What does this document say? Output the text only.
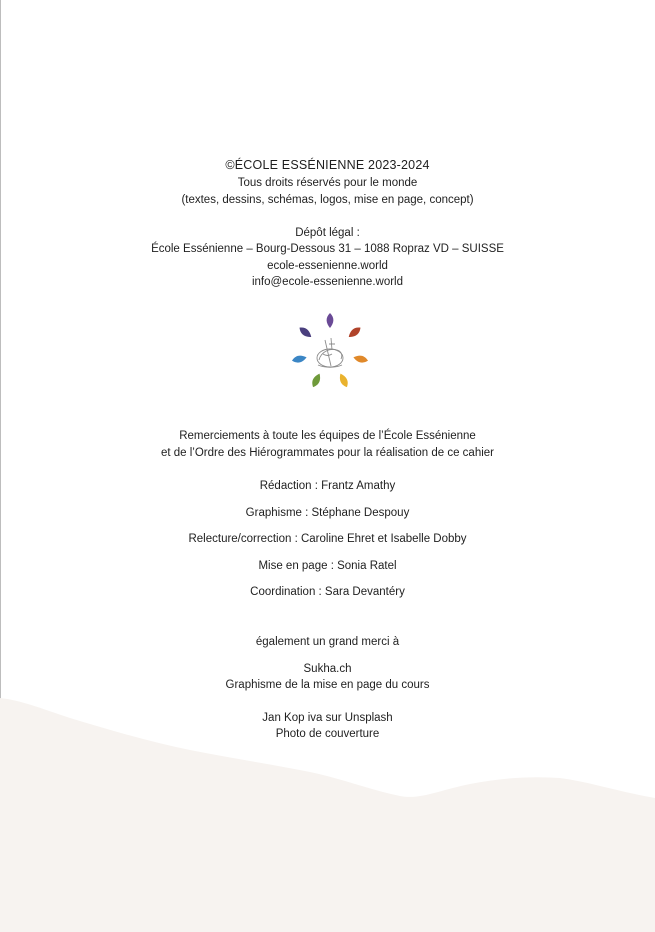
©ÉCOLE ESSÉNIENNE 2023-2024
Tous droits réservés pour le monde
(textes, dessins, schémas, logos, mise en page, concept)
Dépôt légal :
École Essénienne – Bourg-Dessous 31 – 1088 Ropraz VD – SUISSE
ecole-essenienne.world
info@ecole-essenienne.world
Remerciements à toute les équipes de l’École Essénienne
et de l’Ordre des Hiérogrammates pour la réalisation de ce cahier
Rédaction : Frantz Amathy
Graphisme : Stéphane Despouy
Relecture/correction : Caroline Ehret et Isabelle Dobby
Mise en page : Sonia Ratel
Coordination : Sara Devantéry
également un grand merci à
Sukha.ch
Graphisme de la mise en page du cours
Jan Kop iva sur Unsplash
Photo de couverture
